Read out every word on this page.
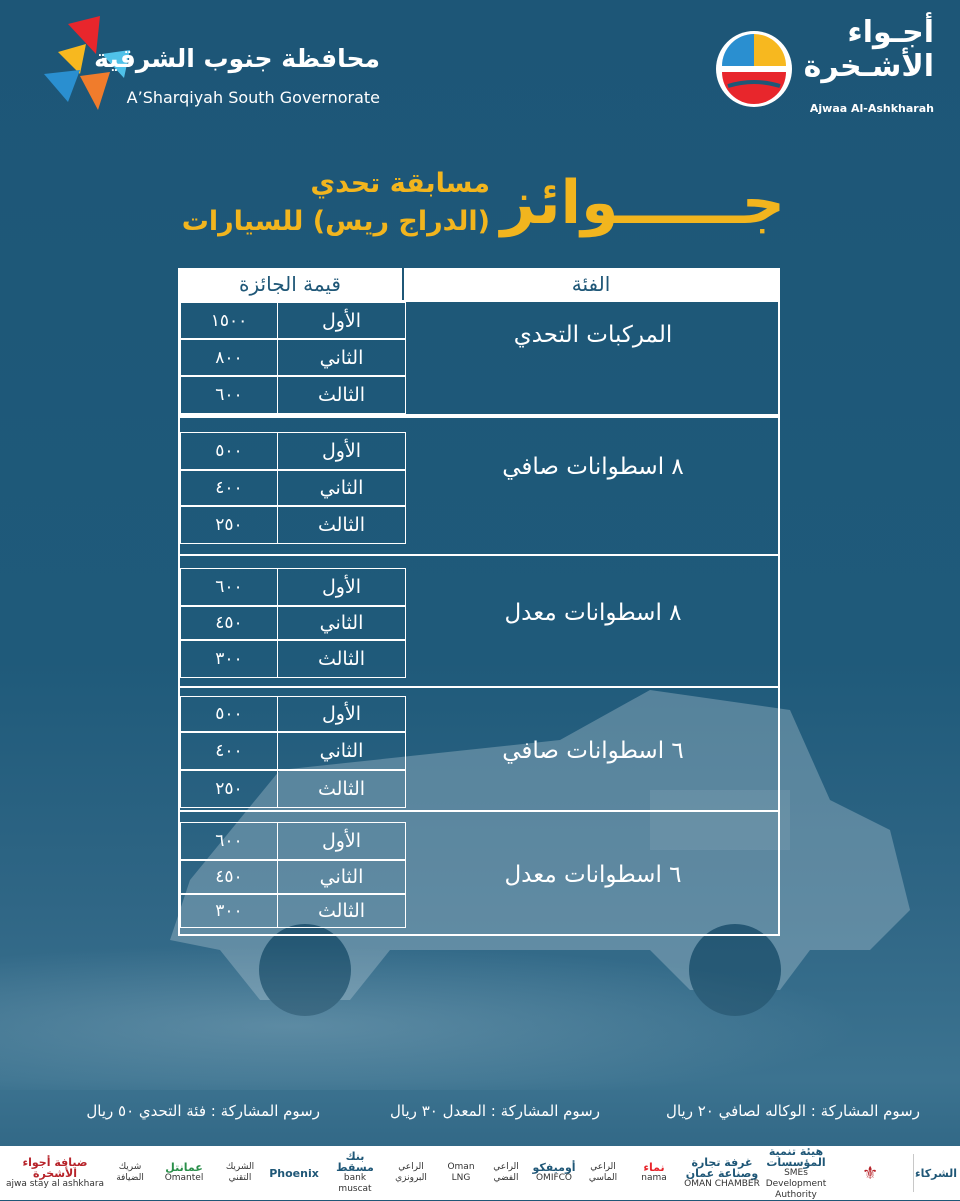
محافظة جنوب الشرقية
A’Sharqiyah South Governorate
أجـواء الأشـخرة
Ajwaa Al-Ashkharah
جــــــوائز
مسابقة تحدي
(الدراج ريس) للسيارات
الفئة
قيمة الجائزة
المركبات التحدي
الأول
١٥٠٠
الثاني
٨٠٠
الثالث
٦٠٠
٨ اسطوانات صافي
الأول
٥٠٠
الثاني
٤٠٠
الثالث
٢٥٠
٨ اسطوانات معدل
الأول
٦٠٠
الثاني
٤٥٠
الثالث
٣٠٠
٦ اسطوانات صافي
الأول
٥٠٠
الثاني
٤٠٠
الثالث
٢٥٠
٦ اسطوانات معدل
الأول
٦٠٠
الثاني
٤٥٠
الثالث
٣٠٠
رسوم المشاركة : الوكاله لصافي ٢٠ ريال
رسوم المشاركة : المعدل ٣٠ ريال
رسوم المشاركة : فئة التحدي ٥٠ ريال
الشركاء
⚜
هيئة تنمية المؤسسات
SMEs Development Authority
غرفة تجارة وصناعة عمان
OMAN CHAMBER
نماء
nama
الراعي
الماسي
أوميفكو
OMIFCO
الراعي
الفضي
Oman LNG
الراعي
البرونزي
بنك مسقط
bank muscat
Phoenix
الشريك
التقني
عمانتل
Omantel
شريك
الضيافة
ضيافة أجواء الأشخرة
ajwa stay al ashkhara
